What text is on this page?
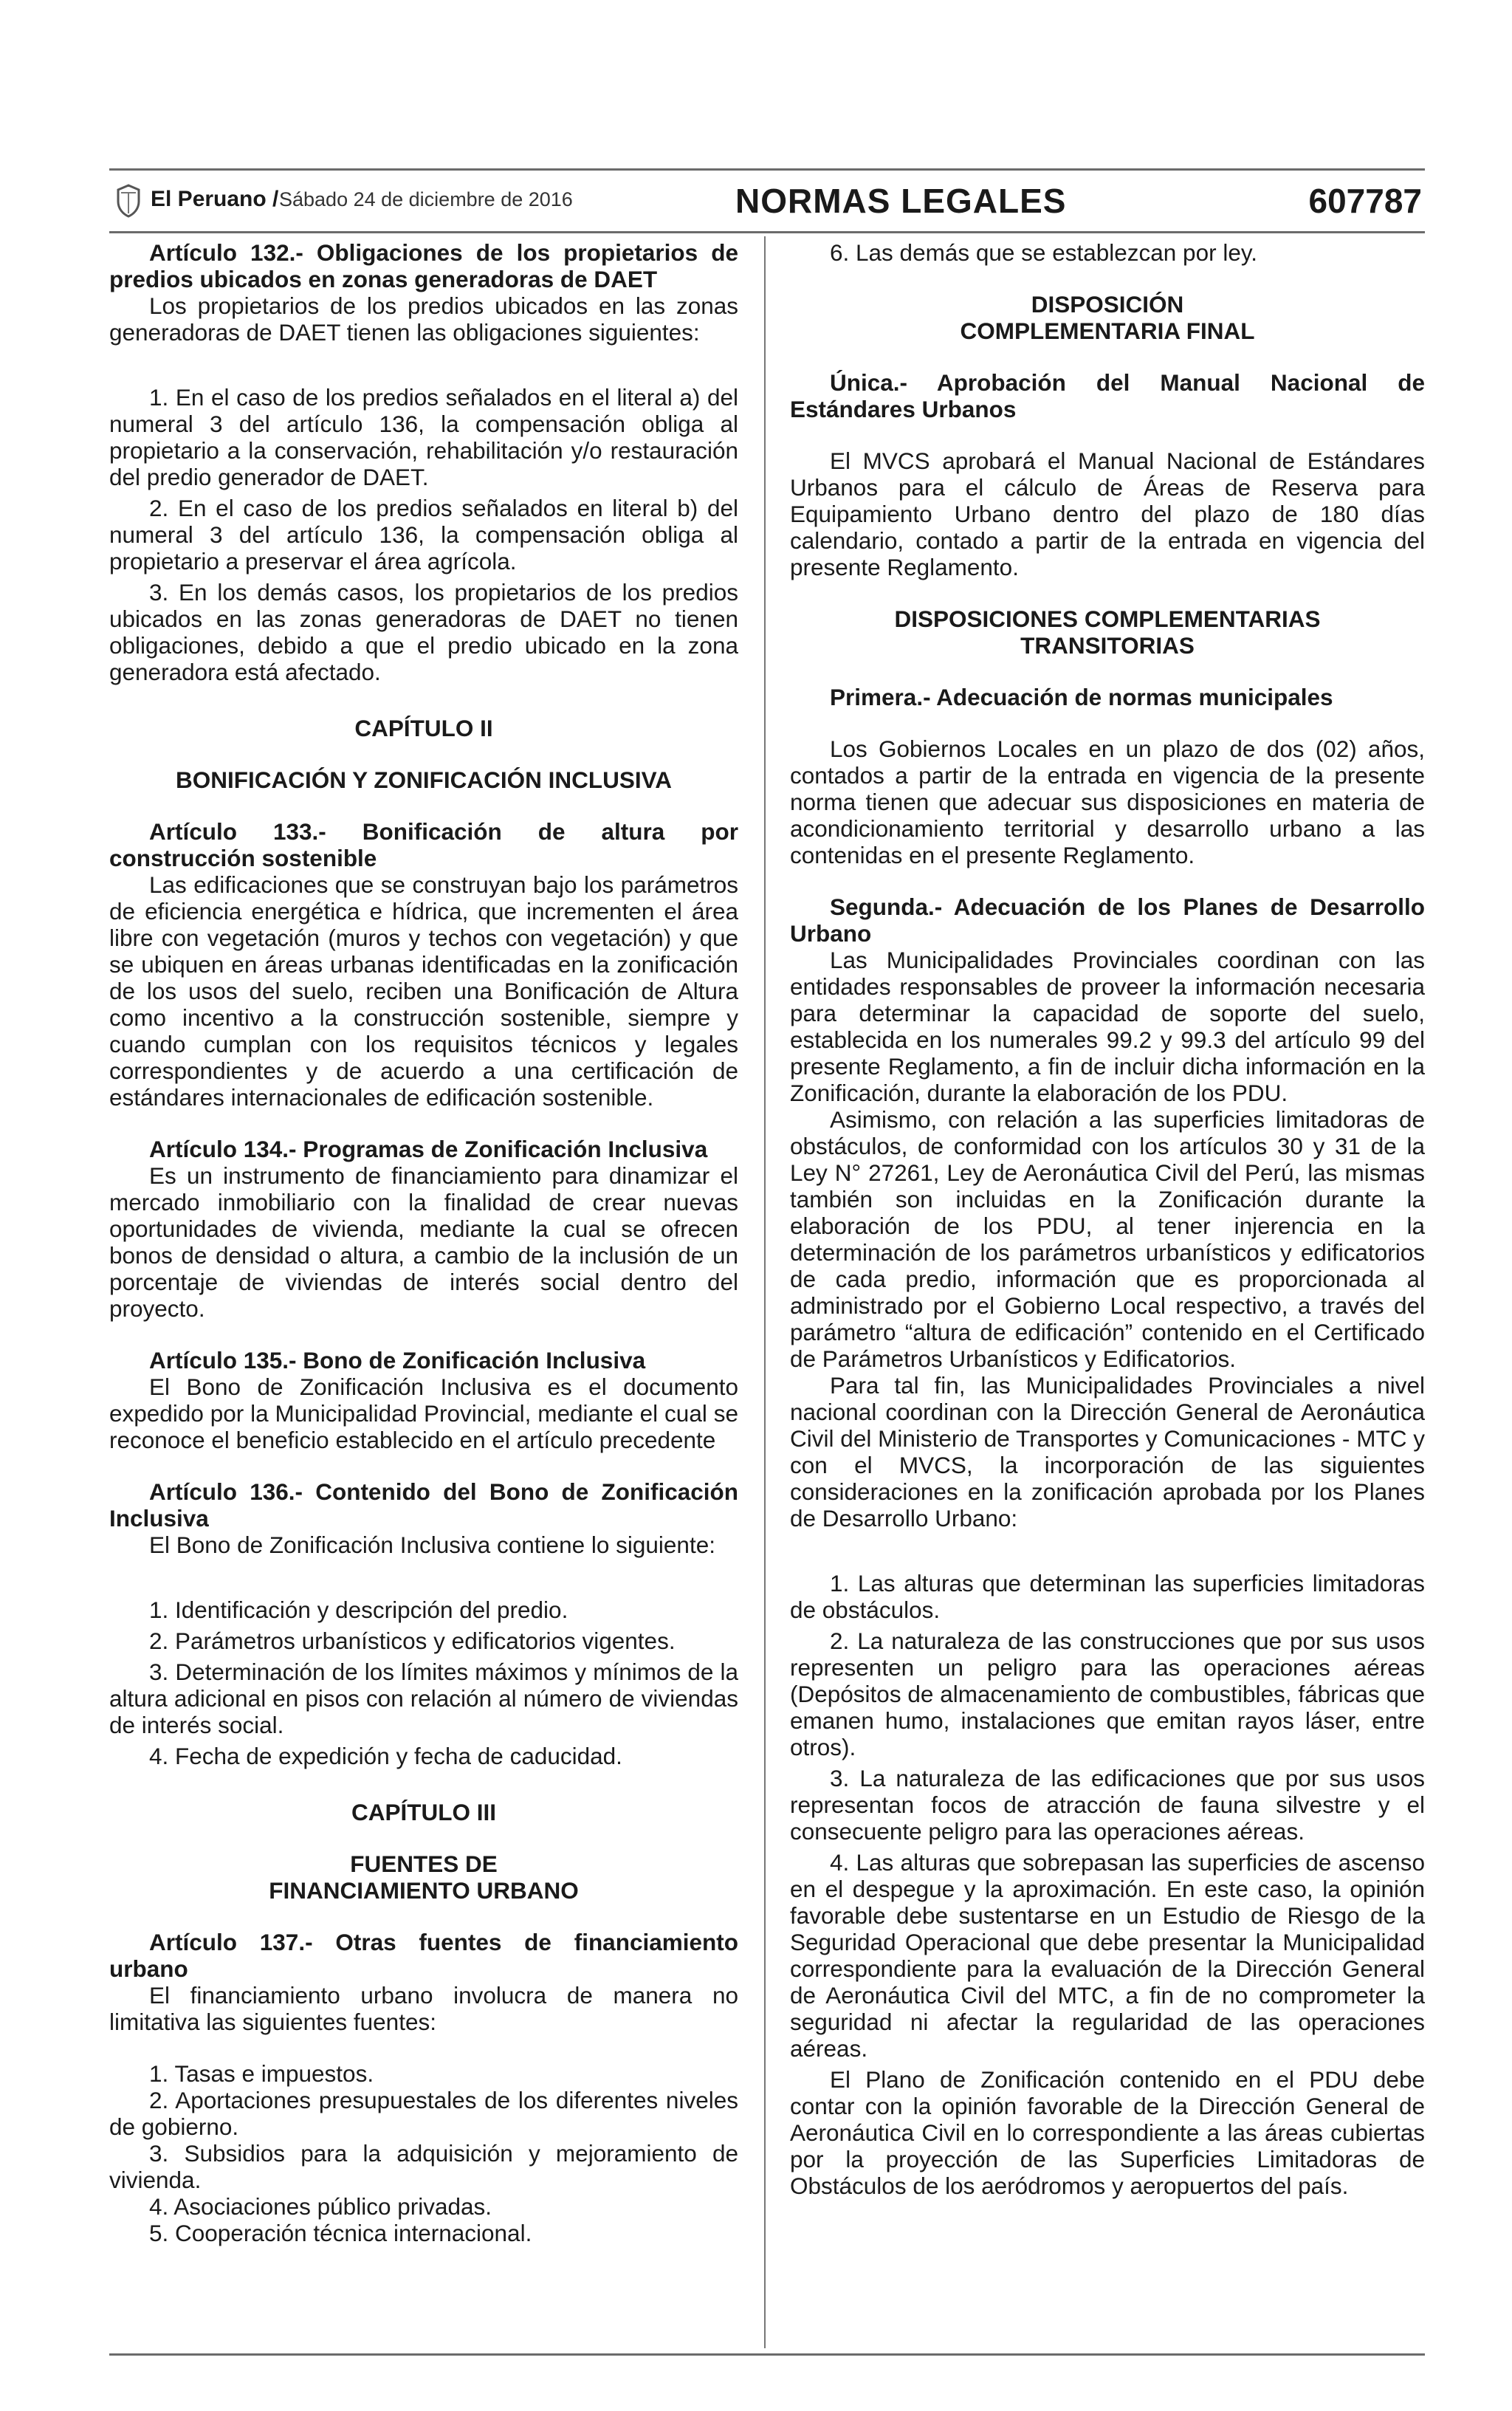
El Peruano / Sábado 24 de diciembre de 2016	NORMAS LEGALES	607787

Artículo 132.- Obligaciones de los propietarios de predios ubicados en zonas generadoras de DAET

Los propietarios de los predios ubicados en las zonas generadoras de DAET tienen las obligaciones siguientes:

1. En el caso de los predios señalados en el literal a) del numeral 3 del artículo 136, la compensación obliga al propietario a la conservación, rehabilitación y/o restauración del predio generador de DAET.

2. En el caso de los predios señalados en literal b) del numeral 3 del artículo 136, la compensación obliga al propietario a preservar el área agrícola.

3. En los demás casos, los propietarios de los predios ubicados en las zonas generadoras de DAET no tienen obligaciones, debido a que el predio ubicado en la zona generadora está afectado.

CAPÍTULO II

BONIFICACIÓN Y ZONIFICACIÓN INCLUSIVA

Artículo 133.- Bonificación de altura por construcción sostenible

Las edificaciones que se construyan bajo los parámetros de eficiencia energética e hídrica, que incrementen el área libre con vegetación (muros y techos con vegetación) y que se ubiquen en áreas urbanas identificadas en la zonificación de los usos del suelo, reciben una Bonificación de Altura como incentivo a la construcción sostenible, siempre y cuando cumplan con los requisitos técnicos y legales correspondientes y de acuerdo a una certificación de estándares internacionales de edificación sostenible.

Artículo 134.- Programas de Zonificación Inclusiva

Es un instrumento de financiamiento para dinamizar el mercado inmobiliario con la finalidad de crear nuevas oportunidades de vivienda, mediante la cual se ofrecen bonos de densidad o altura, a cambio de la inclusión de un porcentaje de viviendas de interés social dentro del proyecto.

Artículo 135.- Bono de Zonificación Inclusiva

El Bono de Zonificación Inclusiva es el documento expedido por la Municipalidad Provincial, mediante el cual se reconoce el beneficio establecido en el artículo precedente

Artículo 136.- Contenido del Bono de Zonificación Inclusiva

El Bono de Zonificación Inclusiva contiene lo siguiente:

1. Identificación y descripción del predio.

2. Parámetros urbanísticos y edificatorios vigentes.

3. Determinación de los límites máximos y mínimos de la altura adicional en pisos con relación al número de viviendas de interés social.

4. Fecha de expedición y fecha de caducidad.

CAPÍTULO III

FUENTES DE

FINANCIAMIENTO URBANO

Artículo 137.- Otras fuentes de financiamiento urbano

El financiamiento urbano involucra de manera no limitativa las siguientes fuentes:

1. Tasas e impuestos.

2. Aportaciones presupuestales de los diferentes niveles de gobierno.

3. Subsidios para la adquisición y mejoramiento de vivienda.

4. Asociaciones público privadas.

5. Cooperación técnica internacional.

6. Las demás que se establezcan por ley.

DISPOSICIÓN

COMPLEMENTARIA FINAL

Única.- Aprobación del Manual Nacional de Estándares Urbanos

El MVCS aprobará el Manual Nacional de Estándares Urbanos para el cálculo de Áreas de Reserva para Equipamiento Urbano dentro del plazo de 180 días calendario, contado a partir de la entrada en vigencia del presente Reglamento.

DISPOSICIONES COMPLEMENTARIAS

TRANSITORIAS

Primera.- Adecuación de normas municipales

Los Gobiernos Locales en un plazo de dos (02) años, contados a partir de la entrada en vigencia de la presente norma tienen que adecuar sus disposiciones en materia de acondicionamiento territorial y desarrollo urbano a las contenidas en el presente Reglamento.

Segunda.- Adecuación de los Planes de Desarrollo Urbano

Las Municipalidades Provinciales coordinan con las entidades responsables de proveer la información necesaria para determinar la capacidad de soporte del suelo, establecida en los numerales 99.2 y 99.3 del artículo 99 del presente Reglamento, a fin de incluir dicha información en la Zonificación, durante la elaboración de los PDU.

Asimismo, con relación a las superficies limitadoras de obstáculos, de conformidad con los artículos 30 y 31 de la Ley N° 27261, Ley de Aeronáutica Civil del Perú, las mismas también son incluidas en la Zonificación durante la elaboración de los PDU, al tener injerencia en la determinación de los parámetros urbanísticos y edificatorios de cada predio, información que es proporcionada al administrado por el Gobierno Local respectivo, a través del parámetro “altura de edificación” contenido en el Certificado de Parámetros Urbanísticos y Edificatorios.

Para tal fin, las Municipalidades Provinciales a nivel nacional coordinan con la Dirección General de Aeronáutica Civil del Ministerio de Transportes y Comunicaciones - MTC y con el MVCS, la incorporación de las siguientes consideraciones en la zonificación aprobada por los Planes de Desarrollo Urbano:

1. Las alturas que determinan las superficies limitadoras de obstáculos.

2. La naturaleza de las construcciones que por sus usos representen un peligro para las operaciones aéreas (Depósitos de almacenamiento de combustibles, fábricas que emanen humo, instalaciones que emitan rayos láser, entre otros).

3. La naturaleza de las edificaciones que por sus usos representan focos de atracción de fauna silvestre y el consecuente peligro para las operaciones aéreas.

4. Las alturas que sobrepasan las superficies de ascenso en el despegue y la aproximación. En este caso, la opinión favorable debe sustentarse en un Estudio de Riesgo de la Seguridad Operacional que debe presentar la Municipalidad correspondiente para la evaluación de la Dirección General de Aeronáutica Civil del MTC, a fin de no comprometer la seguridad ni afectar la regularidad de las operaciones aéreas.

El Plano de Zonificación contenido en el PDU debe contar con la opinión favorable de la Dirección General de Aeronáutica Civil en lo correspondiente a las áreas cubiertas por la proyección de las Superficies Limitadoras de Obstáculos de los aeródromos y aeropuertos del país.
